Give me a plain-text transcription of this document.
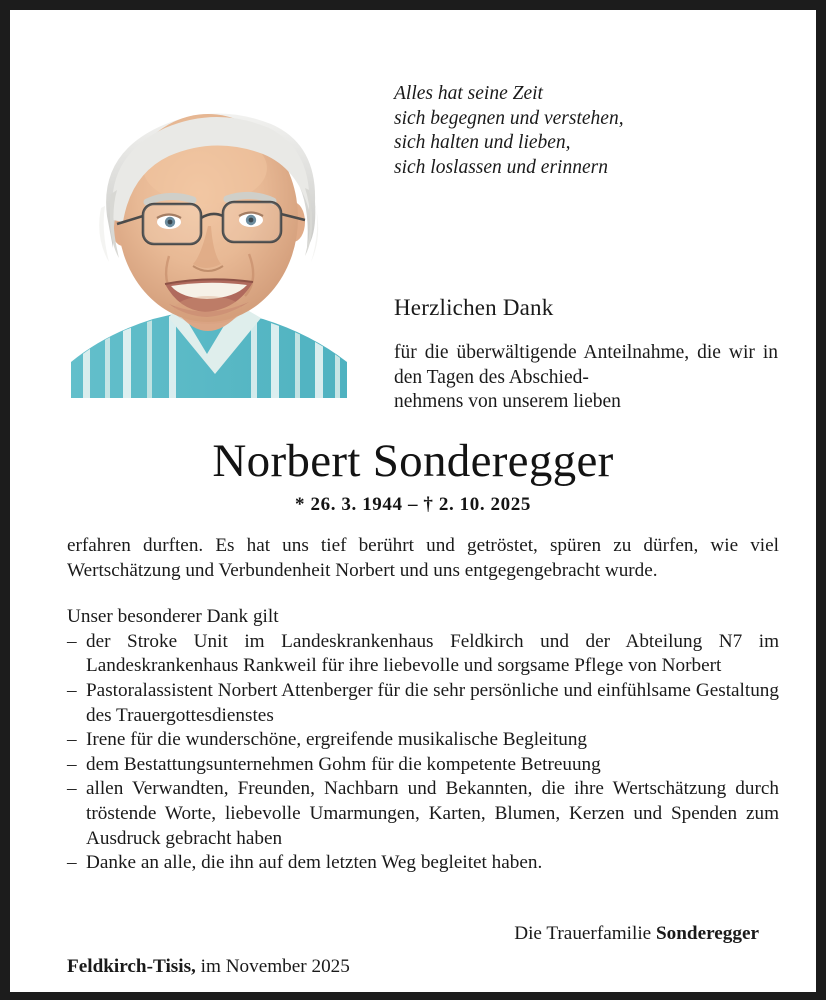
Alles hat seine Zeit
sich begegnen und verstehen,
sich halten und lieben,
sich loslassen und erinnern
Herzlichen Dank
für die überwältigende Anteilnahme, die wir in den Tagen des Abschied-
nehmens von unserem lieben
Norbert Sonderegger
* 26. 3. 1944 – † 2. 10. 2025

erfahren durften. Es hat uns tief berührt und getröstet, spüren zu dürfen, wie viel Wertschätzung und Verbundenheit Norbert und uns entgegengebracht wurde.

Unser besonderer Dank gilt
– der Stroke Unit im Landeskrankenhaus Feldkirch und der Abteilung N7 im Landeskrankenhaus Rankweil für ihre liebevolle und sorgsame Pflege von Norbert
– Pastoralassistent Norbert Attenberger für die sehr persönliche und einfühlsame Gestaltung des Trauergottesdienstes
– Irene für die wunderschöne, ergreifende musikalische Begleitung
– dem Bestattungsunternehmen Gohm für die kompetente Betreuung
– allen Verwandten, Freunden, Nachbarn und Bekannten, die ihre Wertschätzung durch tröstende Worte, liebevolle Umarmungen, Karten, Blumen, Kerzen und Spenden zum Ausdruck gebracht haben
– Danke an alle, die ihn auf dem letzten Weg begleitet haben.
Die Trauerfamilie Sonderegger
Feldkirch-Tisis, im November 2025
